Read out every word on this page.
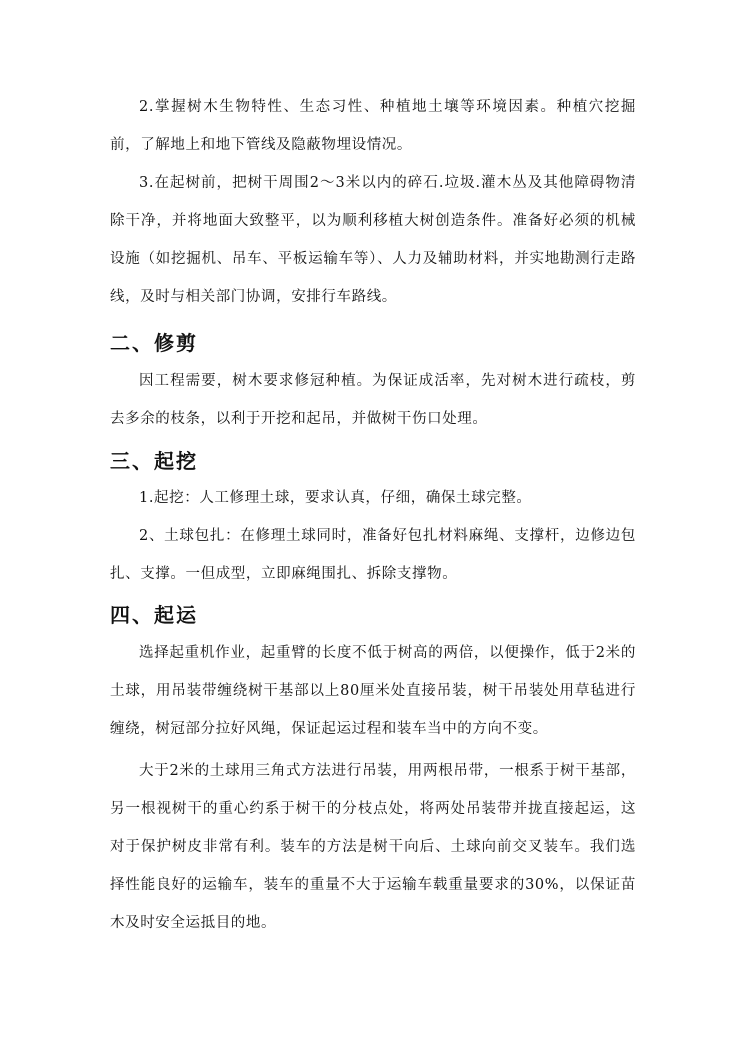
2.掌握树木生物特性、生态习性、种植地土壤等环境因素。种植穴挖掘前，了解地上和地下管线及隐蔽物埋设情况。

3.在起树前，把树干周围2～3米以内的碎石.垃圾.灌木丛及其他障碍物清除干净，并将地面大致整平，以为顺利移植大树创造条件。准备好必须的机械设施（如挖掘机、吊车、平板运输车等）、人力及辅助材料，并实地勘测行走路线，及时与相关部门协调，安排行车路线。

二、修剪

因工程需要，树木要求修冠种植。为保证成活率，先对树木进行疏枝，剪去多余的枝条，以利于开挖和起吊，并做树干伤口处理。

三、起挖

1.起挖：人工修理土球，要求认真，仔细，确保土球完整。

2、土球包扎：在修理土球同时，准备好包扎材料麻绳、支撑杆，边修边包扎、支撑。一但成型，立即麻绳围扎、拆除支撑物。

四、起运

选择起重机作业，起重臂的长度不低于树高的两倍，以便操作，低于2米的土球，用吊装带缠绕树干基部以上80厘米处直接吊装，树干吊装处用草毡进行缠绕，树冠部分拉好风绳，保证起运过程和装车当中的方向不变。

大于2米的土球用三角式方法进行吊装，用两根吊带，一根系于树干基部，另一根视树干的重心约系于树干的分枝点处，将两处吊装带并拢直接起运，这对于保护树皮非常有利。装车的方法是树干向后、土球向前交叉装车。我们选择性能良好的运输车，装车的重量不大于运输车载重量要求的30%，以保证苗木及时安全运抵目的地。
